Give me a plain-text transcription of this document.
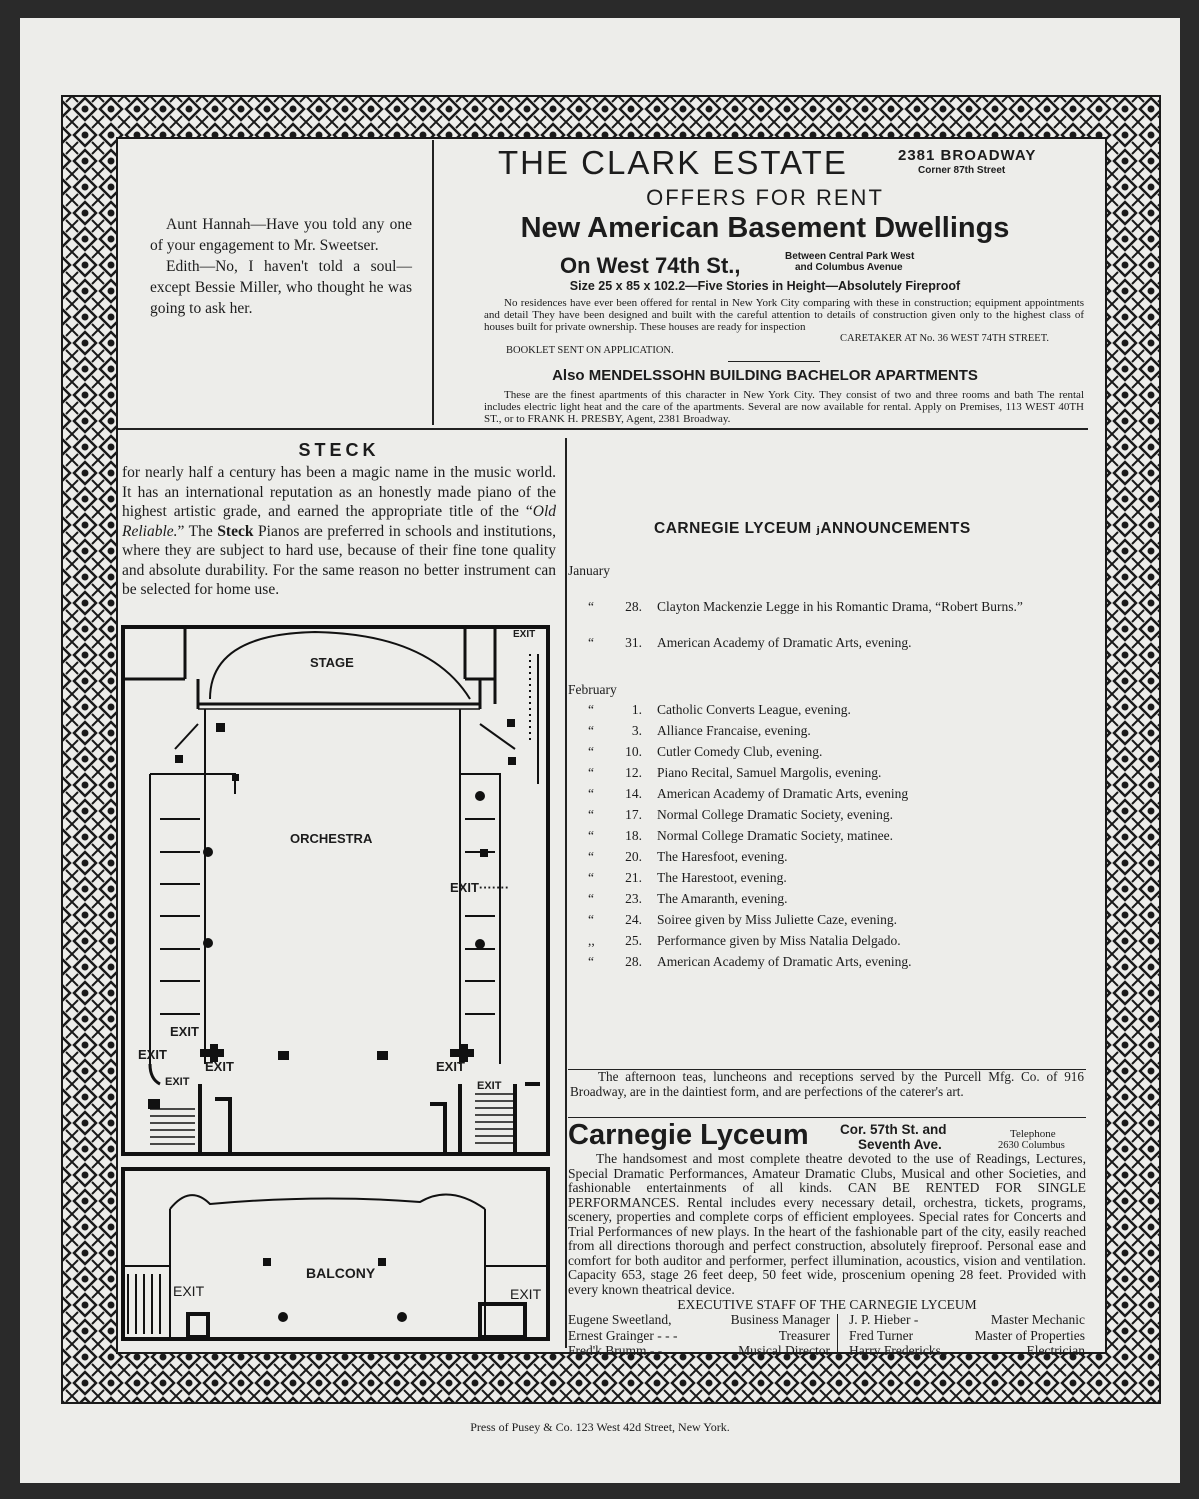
Aunt Hannah—Have you told any one of your engagement to Mr. Sweetser.
Edith—No, I haven't told a soul—except Bessie Miller, who thought he was going to ask her.
THE CLARK ESTATE	2381 BROADWAY
Corner 87th Street
OFFERS FOR RENT
New American Basement Dwellings
On West 74th St.,	Between Central Park West
and Columbus Avenue
Size 25 x 85 x 102.2—Five Stories in Height—Absolutely Fireproof
No residences have ever been offered for rental in New York City comparing with these in construction; equipment appointments and detail They have been designed and built with the careful attention to details of construction given only to the highest class of houses built for private ownership. These houses are ready for inspection
CARETAKER AT No. 36 WEST 74TH STREET.
BOOKLET SENT ON APPLICATION.
Also MENDELSSOHN BUILDING BACHELOR APARTMENTS
These are the finest apartments of this character in New York City. They consist of two and three rooms and bath The rental includes electric light heat and the care of the apartments. Several are now available for rental. Apply on Premises, 113 WEST 40TH ST., or to FRANK H. PRESBY, Agent, 2381 Broadway.
STECK
for nearly half a century has been a magic name in the music world. It has an international reputation as an honestly made piano of the highest artistic grade, and earned the appropriate title of the “Old Reliable.” The Steck Pianos are preferred in schools and institutions, where they are subject to hard use, because of their fine tone quality and absolute durability. For the same reason no better instrument can be selected for home use.
STAGE
ORCHESTRA
BALCONY
EXIT
EXIT·······
EXIT
EXIT
EXIT
EXIT
EXIT
EXIT
EXIT	EXIT
CARNEGIE LYCEUM ⱼANNOUNCEMENTS
January
“	28. Clayton Mackenzie Legge in his Romantic Drama, “Robert Burns.”
“	31. American Academy of Dramatic Arts, evening.
February
“	1. Catholic Converts League, evening.
“	3. Alliance Francaise, evening.
“	10. Cutler Comedy Club, evening.
“	12. Piano Recital, Samuel Margolis, evening.
“	14. American Academy of Dramatic Arts, evening
“	17. Normal College Dramatic Society, evening.
“	18. Normal College Dramatic Society, matinee.
“	20. The Haresfoot, evening.
“	21. The Harestoot, evening.
“	23. The Amaranth, evening.
“	24. Soiree given by Miss Juliette Caze, evening.
,,	25. Performance given by Miss Natalia Delgado.
“	28. American Academy of Dramatic Arts, evening.
The afternoon teas, luncheons and receptions served by the Purcell Mfg. Co. of 916 Broadway, are in the daintiest form, and are perfections of the caterer's art.
Carnegie Lyceum Cor. 57th St. and
Seventh Ave.
Telephone
2630 Columbus
The handsomest and most complete theatre devoted to the use of Readings, Lectures, Special Dramatic Performances, Amateur Dramatic Clubs, Musical and other Societies, and fashionable entertainments of all kinds. CAN BE RENTED FOR SINGLE PERFORMANCES. Rental includes every necessary detail, orchestra, tickets, programs, scenery, properties and complete corps of efficient employees. Special rates for Concerts and Trial Performances of new plays. In the heart of the fashionable part of the city, easily reached from all directions thorough and perfect construction, absolutely fireproof. Personal ease and comfort for both auditor and performer, perfect illumination, acoustics, vision and ventilation. Capacity 653, stage 26 feet deep, 50 feet wide, proscenium opening 28 feet. Provided with every known theatrical device.
EXECUTIVE STAFF OF THE CARNEGIE LYCEUM
Eugene Sweetland,	Business Manager
Ernest Grainger - - -	Treasurer
Fred'k Brumm - -	Musical Director
J. P. Hieber -	Master Mechanic
Fred Turner	Master of Properties
Harry Fredericks .	Electrician
Press of Pusey & Co. 123 West 42d Street, New York.
